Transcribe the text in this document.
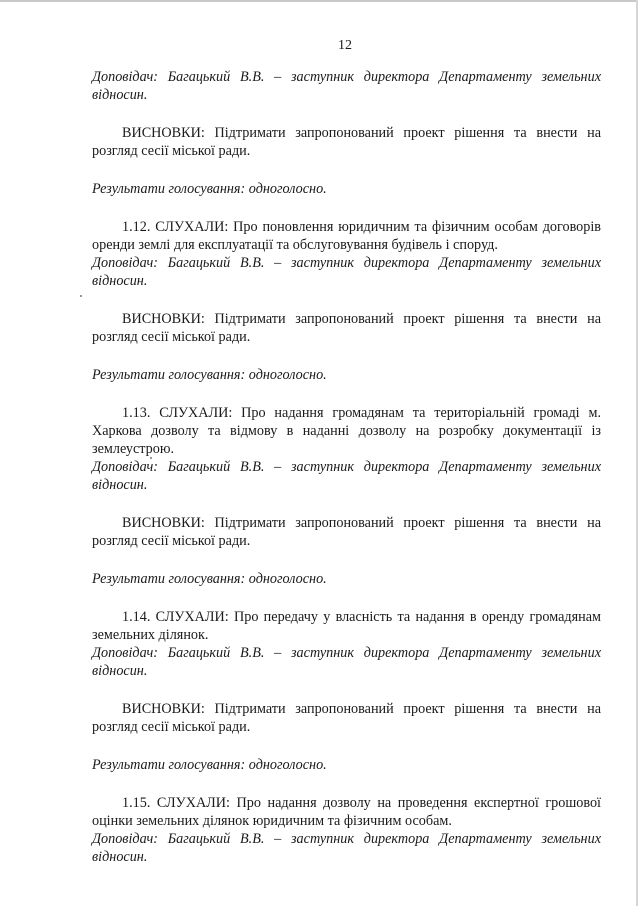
12

Доповідач: Багацький В.В. – заступник директора Департаменту земельних відносин.

ВИСНОВКИ: Підтримати запропонований проект рішення та внести на розгляд сесії міської ради.

Результати голосування: одноголосно.

1.12. СЛУХАЛИ: Про поновлення юридичним та фізичним особам договорів оренди землі для експлуатації та обслуговування будівель і споруд.

Доповідач: Багацький В.В. – заступник директора Департаменту земельних відносин.

ВИСНОВКИ: Підтримати запропонований проект рішення та внести на розгляд сесії міської ради.

Результати голосування: одноголосно.

1.13. СЛУХАЛИ: Про надання громадянам та територіальній громаді м. Харкова дозволу та відмову в наданні дозволу на розробку документації із землеустрою.

Доповідач: Багацький В.В. – заступник директора Департаменту земельних відносин.

ВИСНОВКИ: Підтримати запропонований проект рішення та внести на розгляд сесії міської ради.

Результати голосування: одноголосно.

1.14. СЛУХАЛИ: Про передачу у власність та надання в оренду громадянам земельних ділянок.

Доповідач: Багацький В.В. – заступник директора Департаменту земельних відносин.

ВИСНОВКИ: Підтримати запропонований проект рішення та внести на розгляд сесії міської ради.

Результати голосування: одноголосно.

1.15. СЛУХАЛИ: Про надання дозволу на проведення експертної грошової оцінки земельних ділянок юридичним та фізичним особам.

Доповідач: Багацький В.В. – заступник директора Департаменту земельних відносин.
